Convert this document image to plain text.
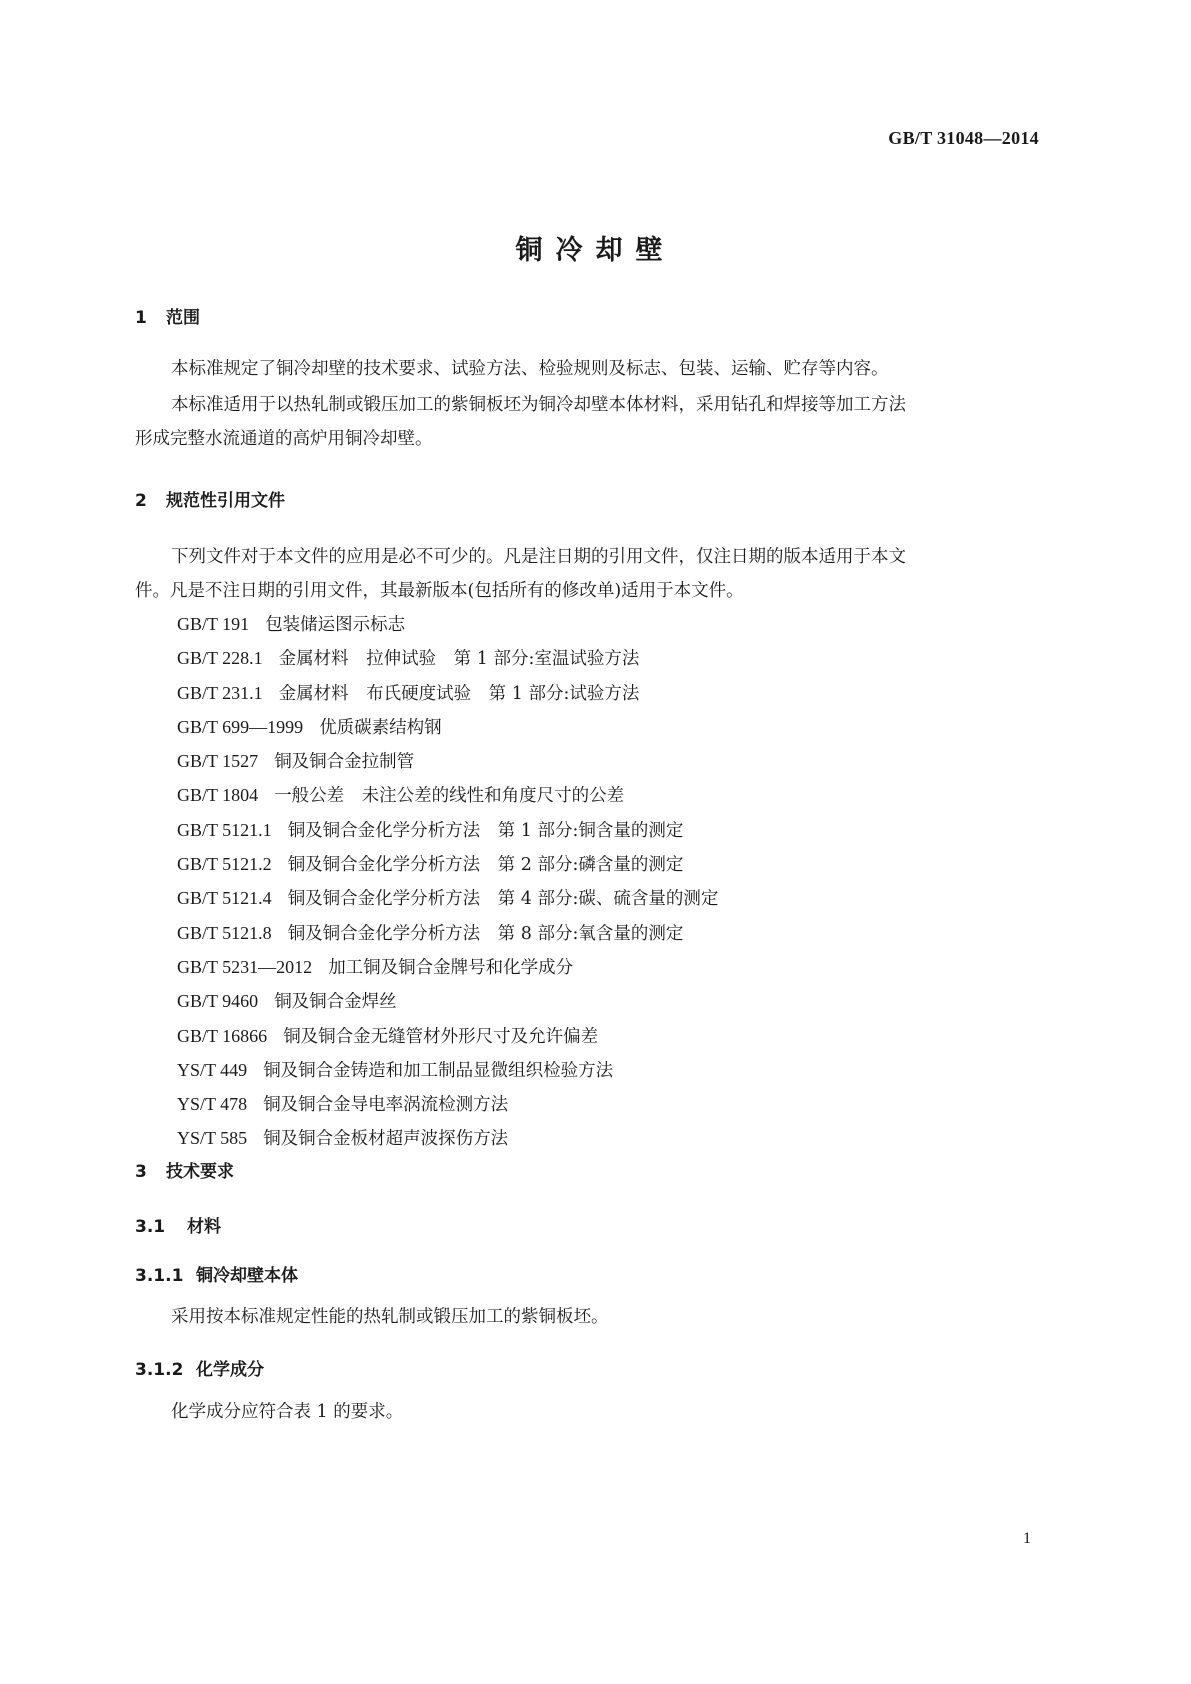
GB/T 31048—2014
铜冷却壁
1 范围
本标准规定了铜冷却壁的技术要求、试验方法、检验规则及标志、包装、运输、贮存等内容。
本标准适用于以热轧制或锻压加工的紫铜板坯为铜冷却壁本体材料，采用钻孔和焊接等加工方法
形成完整水流通道的高炉用铜冷却壁。
2 规范性引用文件
下列文件对于本文件的应用是必不可少的。凡是注日期的引用文件，仅注日期的版本适用于本文
件。凡是不注日期的引用文件，其最新版本(包括所有的修改单)适用于本文件。
GB/T 191 包装储运图示标志
GB/T 228.1 金属材料　拉伸试验　第 1 部分:室温试验方法
GB/T 231.1 金属材料　布氏硬度试验　第 1 部分:试验方法
GB/T 699—1999 优质碳素结构钢
GB/T 1527 铜及铜合金拉制管
GB/T 1804 一般公差　未注公差的线性和角度尺寸的公差
GB/T 5121.1 铜及铜合金化学分析方法　第 1 部分:铜含量的测定
GB/T 5121.2 铜及铜合金化学分析方法　第 2 部分:磷含量的测定
GB/T 5121.4 铜及铜合金化学分析方法　第 4 部分:碳、硫含量的测定
GB/T 5121.8 铜及铜合金化学分析方法　第 8 部分:氧含量的测定
GB/T 5231—2012 加工铜及铜合金牌号和化学成分
GB/T 9460 铜及铜合金焊丝
GB/T 16866 铜及铜合金无缝管材外形尺寸及允许偏差
YS/T 449 铜及铜合金铸造和加工制品显微组织检验方法
YS/T 478 铜及铜合金导电率涡流检测方法
YS/T 585 铜及铜合金板材超声波探伤方法
3 技术要求
3.1 材料
3.1.1 铜冷却壁本体
采用按本标准规定性能的热轧制或锻压加工的紫铜板坯。
3.1.2 化学成分
化学成分应符合表 1 的要求。
1
